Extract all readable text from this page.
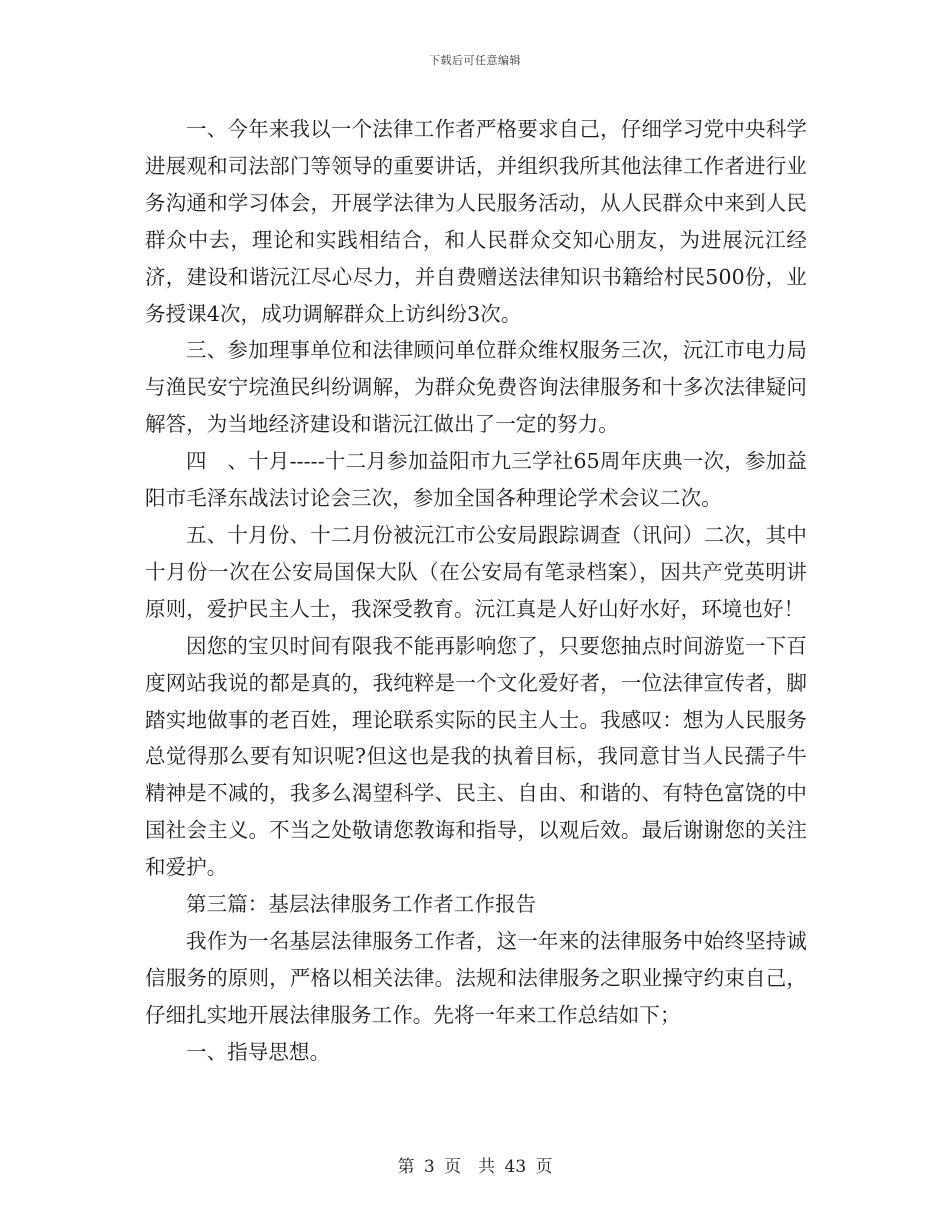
下载后可任意编辑

一、今年来我以一个法律工作者严格要求自己，仔细学习党中央科学进展观和司法部门等领导的重要讲话，并组织我所其他法律工作者进行业务沟通和学习体会，开展学法律为人民服务活动，从人民群众中来到人民群众中去，理论和实践相结合，和人民群众交知心朋友，为进展沅江经济，建设和谐沅江尽心尽力，并自费赠送法律知识书籍给村民500份，业务授课4次，成功调解群众上访纠纷3次。

三、参加理事单位和法律顾问单位群众维权服务三次，沅江市电力局与渔民安宁垸渔民纠纷调解，为群众免费咨询法律服务和十多次法律疑问解答，为当地经济建设和谐沅江做出了一定的努力。

四　、十月-----十二月参加益阳市九三学社65周年庆典一次，参加益阳市毛泽东战法讨论会三次，参加全国各种理论学术会议二次。

五、十月份、十二月份被沅江市公安局跟踪调查（讯问）二次，其中十月份一次在公安局国保大队（在公安局有笔录档案），因共产党英明讲原则，爱护民主人士，我深受教育。沅江真是人好山好水好，环境也好！

因您的宝贝时间有限我不能再影响您了，只要您抽点时间游览一下百度网站我说的都是真的，我纯粹是一个文化爱好者，一位法律宣传者，脚踏实地做事的老百姓，理论联系实际的民主人士。我感叹：想为人民服务总觉得那么要有知识呢?但这也是我的执着目标，我同意甘当人民孺子牛精神是不减的，我多么渴望科学、民主、自由、和谐的、有特色富饶的中国社会主义。不当之处敬请您教诲和指导，以观后效。最后谢谢您的关注和爱护。

第三篇：基层法律服务工作者工作报告

我作为一名基层法律服务工作者，这一年来的法律服务中始终坚持诚信服务的原则，严格以相关法律。法规和法律服务之职业操守约束自己，仔细扎实地开展法律服务工作。先将一年来工作总结如下；

一、指导思想。

第 3 页　共 43 页
